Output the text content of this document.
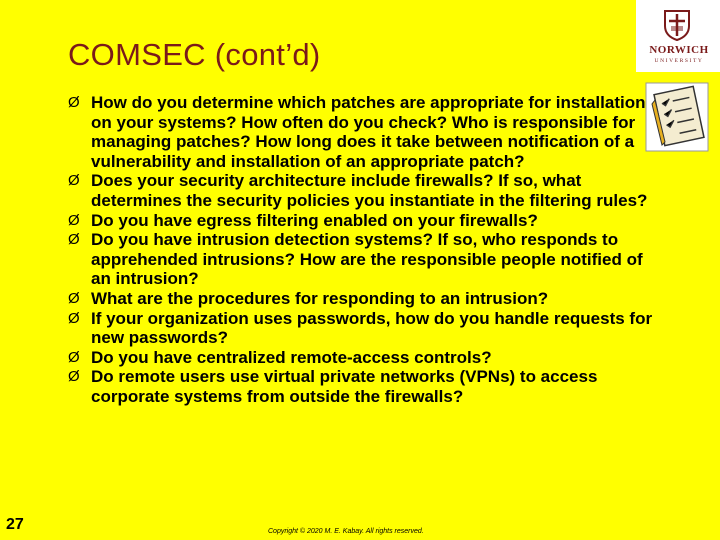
COMSEC (cont’d)	NORWICH
UNIVERSITY
Ø How do you determine which patches are appropriate for installation on your systems? How often do you check? Who is responsible for managing patches? How long does it take between notification of a vulnerability and installation of an appropriate patch?
Ø Does your security architecture include firewalls? If so, what determines the security policies you instantiate in the filtering rules?
Ø Do you have egress filtering enabled on your firewalls?
Ø Do you have intrusion detection systems? If so, who responds to apprehended intrusions? How are the responsible people notified of an intrusion?
Ø What are the procedures for responding to an intrusion?
Ø If your organization uses passwords, how do you handle requests for new passwords?
Ø Do you have centralized remote-access controls?
Ø Do remote users use virtual private networks (VPNs) to access corporate systems from outside the firewalls?
27	Copyright © 2020 M. E. Kabay. All rights reserved.
